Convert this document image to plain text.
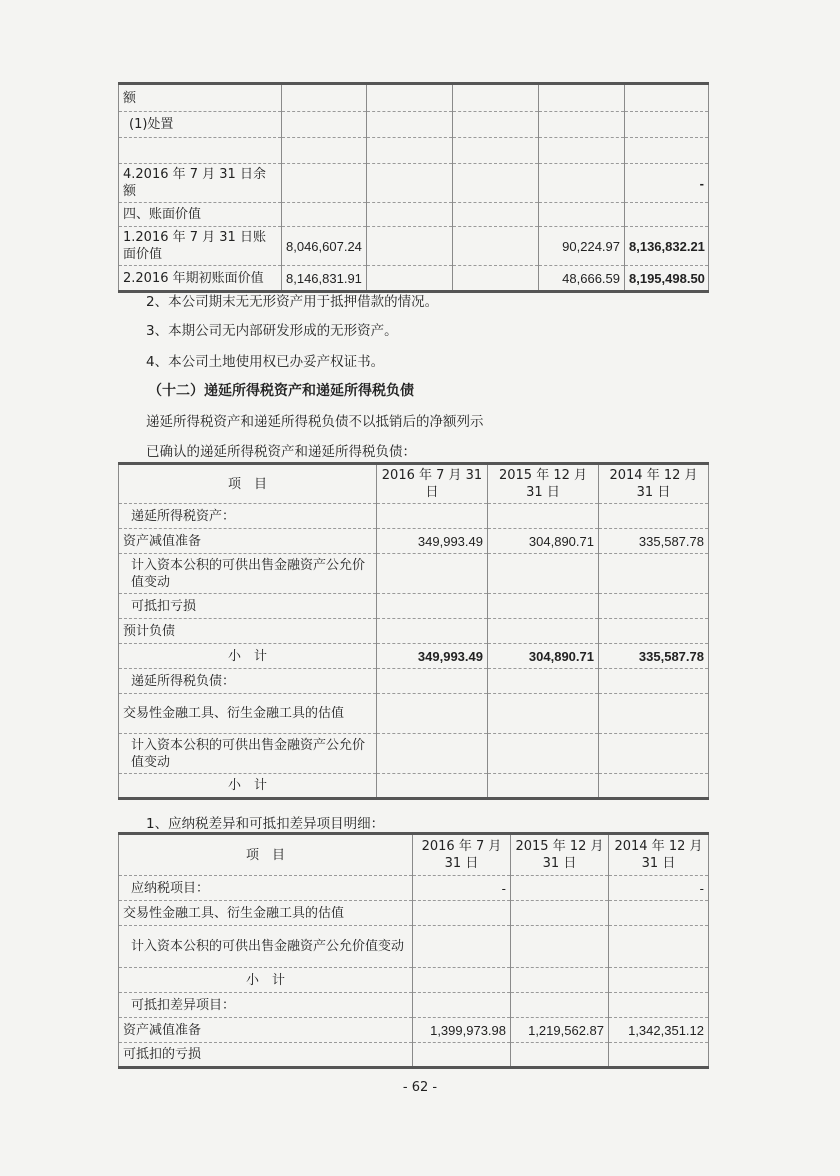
额					
(1)处置					

4.2016 年 7 月 31 日余额					-
四、账面价值					
1.2016 年 7 月 31 日账面价值	8,046,607.24			90,224.97	8,136,832.21
2.2016 年期初账面价值	8,146,831.91			48,666.59	8,195,498.50
2、本公司期末无无形资产用于抵押借款的情况。
3、本期公司无内部研发形成的无形资产。
4、本公司土地使用权已办妥产权证书。
（十二）递延所得税资产和递延所得税负债
递延所得税资产和递延所得税负债不以抵销后的净额列示
已确认的递延所得税资产和递延所得税负债：
项　目	2016 年 7 月 31 日	2015 年 12 月 31 日	2014 年 12 月 31 日
递延所得税资产：			
资产减值准备	349,993.49	304,890.71	335,587.78
计入资本公积的可供出售金融资产公允价值变动			
可抵扣亏损			
预计负债			
小　计	349,993.49	304,890.71	335,587.78
递延所得税负债：			
交易性金融工具、衍生金融工具的估值			
计入资本公积的可供出售金融资产公允价值变动			
小　计			
1、应纳税差异和可抵扣差异项目明细：
项　目	2016 年 7 月 31 日	2015 年 12 月 31 日	2014 年 12 月 31 日
应纳税项目：	-		-
交易性金融工具、衍生金融工具的估值			
计入资本公积的可供出售金融资产公允价值变动			
小　计			
可抵扣差异项目：			
资产减值准备	1,399,973.98	1,219,562.87	1,342,351.12
可抵扣的亏损			
- 62 -
